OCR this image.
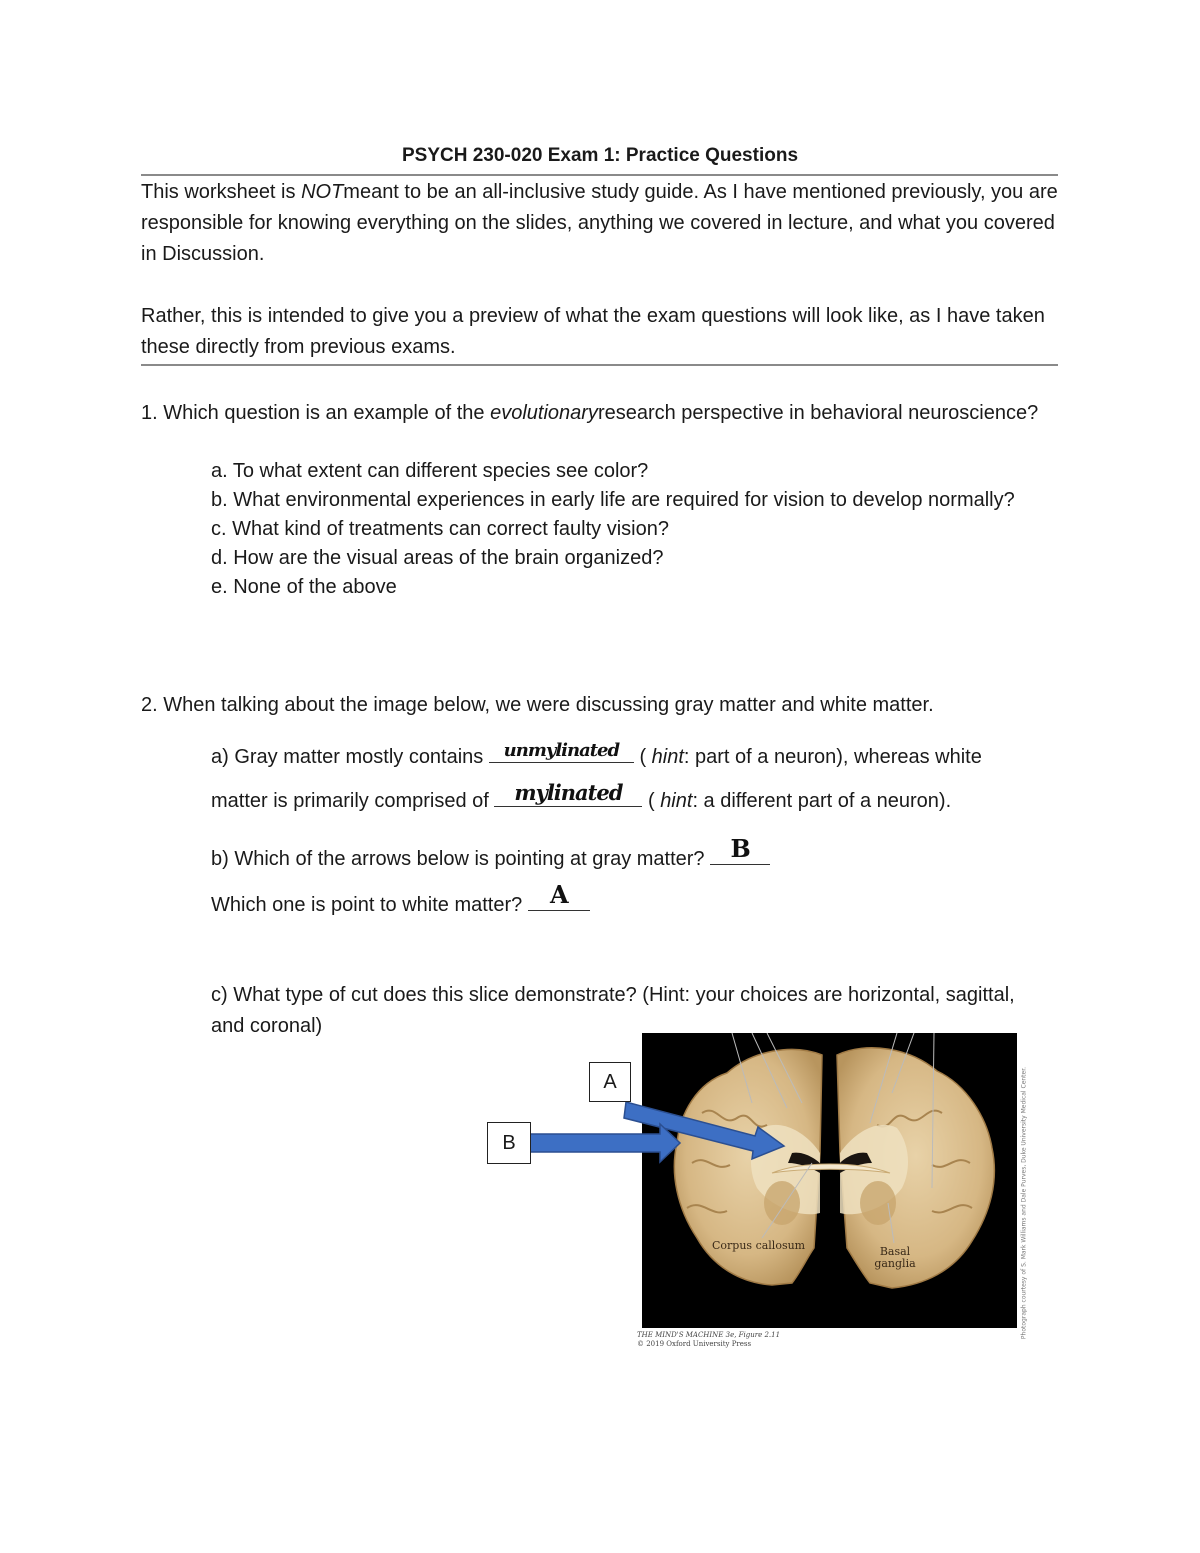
PSYCH 230-020 Exam 1: Practice Questions
This worksheet is NOTmeant to be an all-inclusive study guide. As I have mentioned previously, you are responsible for knowing everything on the slides, anything we covered in lecture, and what you covered in Discussion.
Rather, this is intended to give you a preview of what the exam questions will look like, as I have taken these directly from previous exams.
1. Which question is an example of the evolutionaryresearch perspective in behavioral neuroscience?
a. To what extent can different species see color?
b. What environmental experiences in early life are required for vision to develop normally?
c. What kind of treatments can correct faulty vision?
d. How are the visual areas of the brain organized?
e. None of the above
2. When talking about the image below, we were discussing gray matter and white matter.
a) Gray matter mostly contains unmylinated	( hint: part of a neuron), whereas white
matter is primarily comprised of mylinated	( hint: a different part of a neuron).
b) Which of the arrows below is pointing at gray matter? B
Which one is point to white matter? A
c) What type of cut does this slice demonstrate? (Hint: your choices are horizontal, sagittal, and coronal)
Corpus callosum	Basal ganglia	Photograph courtesy of S. Mark Williams and Dale Purves, Duke University Medical Center.
THE MIND'S MACHINE 3e, Figure 2.11
© 2019 Oxford University Press
A
B
